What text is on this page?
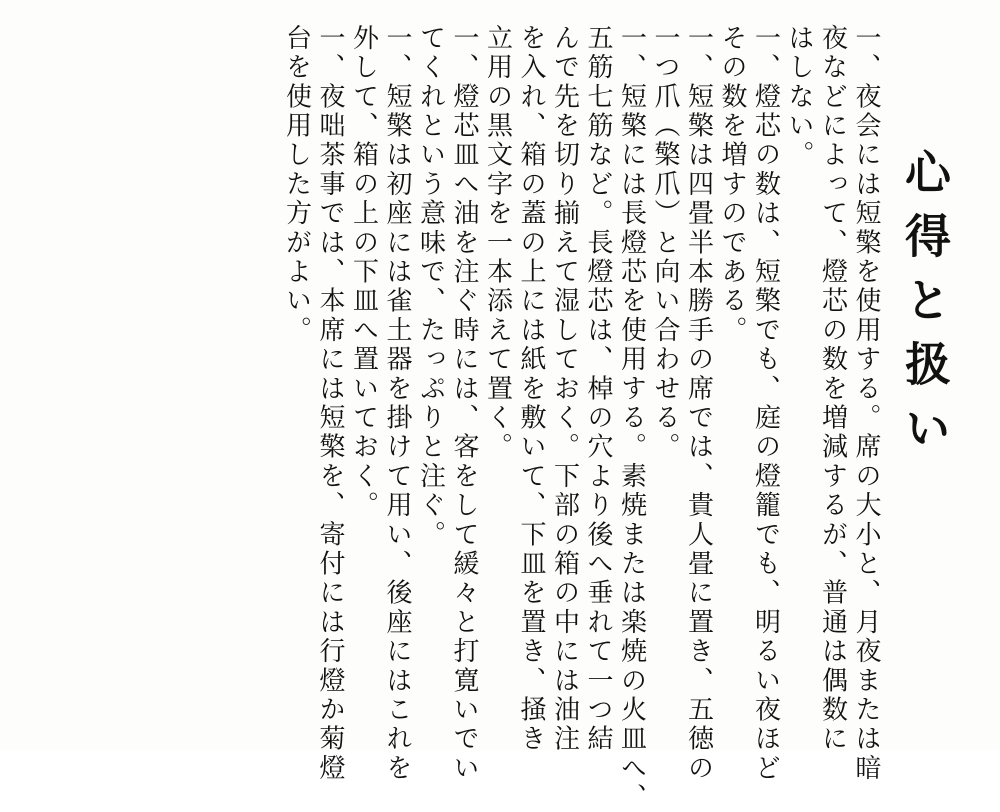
心得と扱い
一、夜会には短檠を使用する。席の大小と、月夜または暗
夜などによって、燈芯の数を増減するが、普通は偶数に
はしない。
一、燈芯の数は、短檠でも、庭の燈籠でも、明るい夜ほど
その数を増すのである。
一、短檠は四畳半本勝手の席では、貴人畳に置き、五徳の
一つ爪（檠爪）と向い合わせる。
一、短檠には長燈芯を使用する。素焼または楽焼の火皿へ、
五筋七筋など。長燈芯は、棹の穴より後へ垂れて一つ結
んで先を切り揃えて湿しておく。下部の箱の中には油注
を入れ、箱の蓋の上には紙を敷いて、下皿を置き、掻き
立用の黒文字を一本添えて置く。
一、燈芯皿へ油を注ぐ時には、客をして緩々と打寛いでい
てくれという意味で、たっぷりと注ぐ。
一、短檠は初座には雀土器を掛けて用い、後座にはこれを
外して、箱の上の下皿へ置いておく。
一、夜咄茶事では、本席には短檠を、寄付には行燈か菊燈
台を使用した方がよい。
